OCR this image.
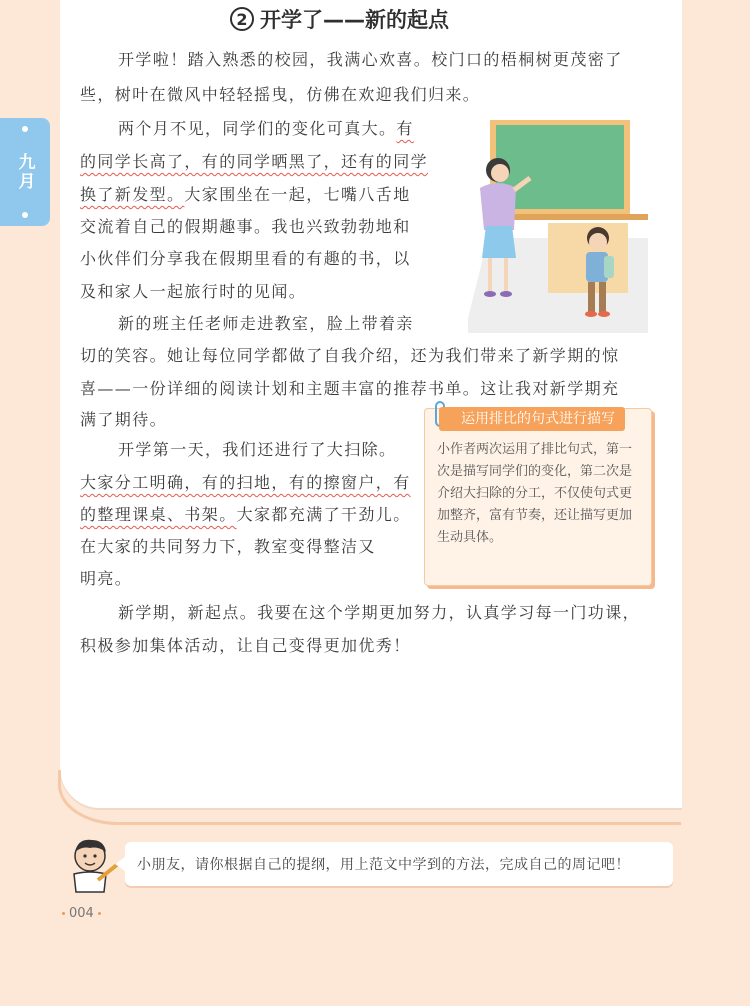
九月
2 开学了——新的起点
开学啦！踏入熟悉的校园，我满心欢喜。校门口的梧桐树更茂密了
些，树叶在微风中轻轻摇曳，仿佛在欢迎我们归来。
两个月不见，同学们的变化可真大。有
的同学长高了，有的同学晒黑了，还有的同学
换了新发型。大家围坐在一起，七嘴八舌地
交流着自己的假期趣事。我也兴致勃勃地和
小伙伴们分享我在假期里看的有趣的书，以
及和家人一起旅行时的见闻。
新的班主任老师走进教室，脸上带着亲
切的笑容。她让每位同学都做了自我介绍，还为我们带来了新学期的惊
喜——一份详细的阅读计划和主题丰富的推荐书单。这让我对新学期充
满了期待。
开学第一天，我们还进行了大扫除。
大家分工明确，有的扫地，有的擦窗户，有
的整理课桌、书架。大家都充满了干劲儿。
在大家的共同努力下，教室变得整洁又
明亮。
新学期，新起点。我要在这个学期更加努力，认真学习每一门功课，
积极参加集体活动，让自己变得更加优秀！
运用排比的句式进行描写
小作者两次运用了排比句式，第一次是描写同学们的变化，第二次是介绍大扫除的分工，不仅使句式更加整齐，富有节奏，还让描写更加生动具体。
小朋友，请你根据自己的提纲，用上范文中学到的方法，完成自己的周记吧！
004
